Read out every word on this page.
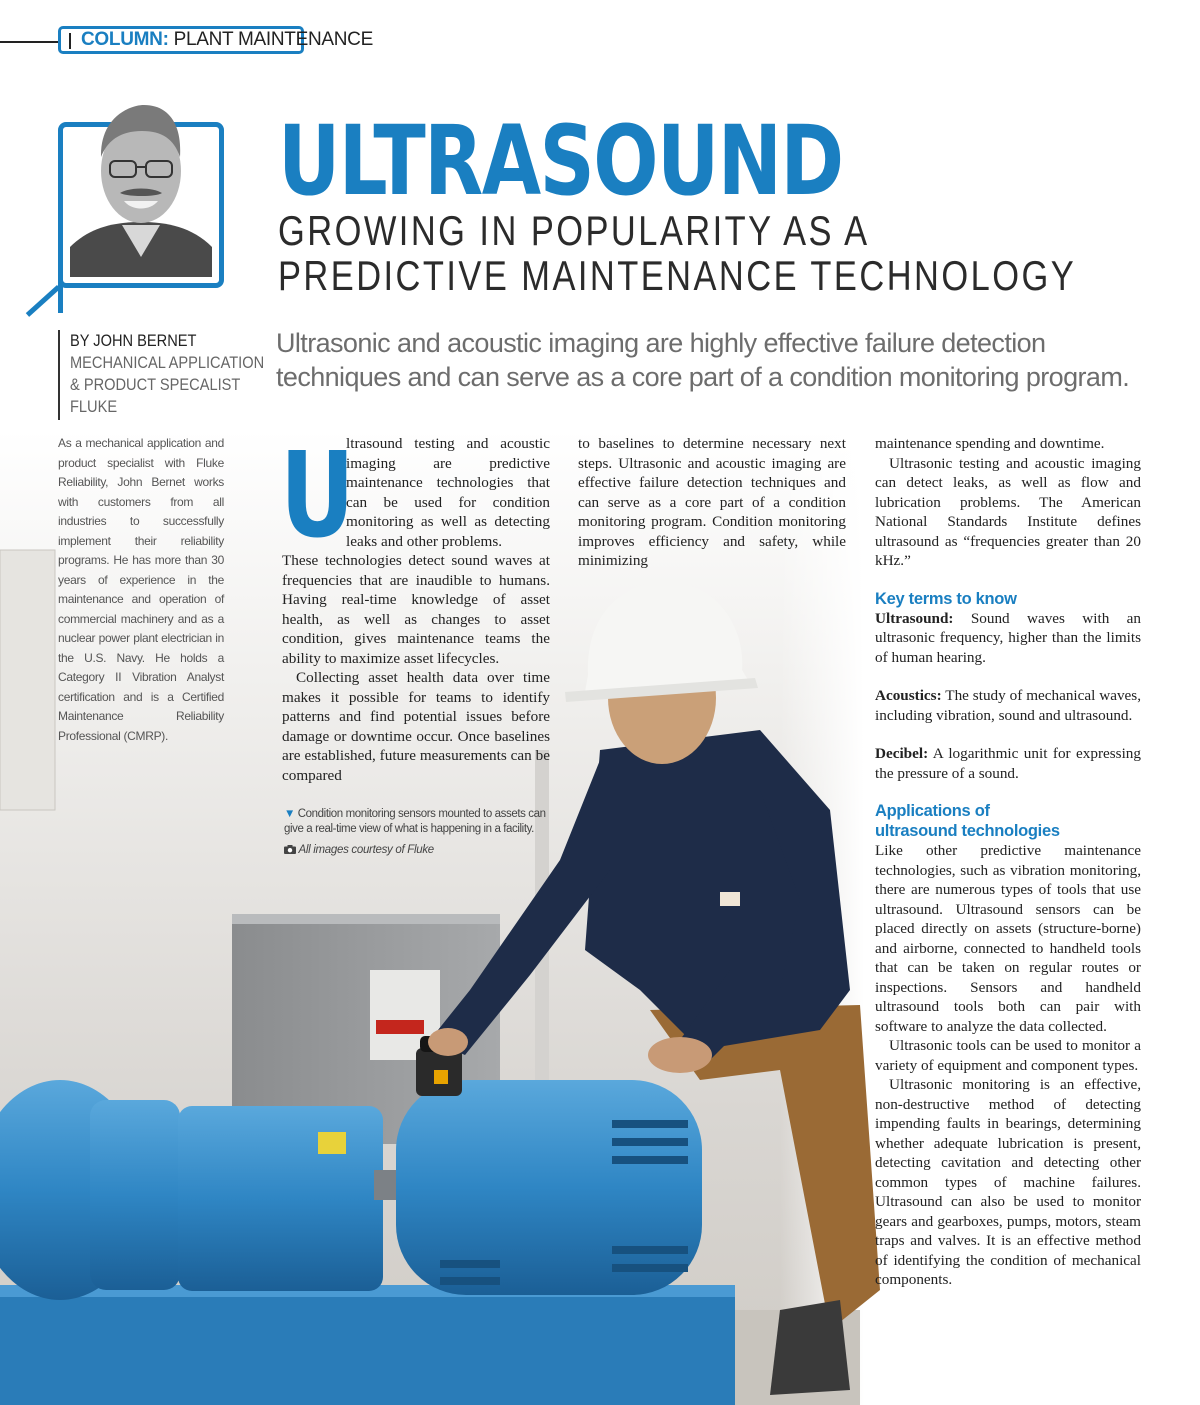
COLUMN: PLANT MAINTENANCE
ULTRASOUND
GROWING IN POPULARITY AS A
PREDICTIVE MAINTENANCE TECHNOLOGY
BY JOHN BERNET
MECHANICAL APPLICATION
& PRODUCT SPECALIST
FLUKE
As a mechanical application and product specialist with Fluke Reliability, John Bernet works with customers from all industries to successfully implement their reliability programs. He has more than 30 years of experience in the maintenance and operation of commercial machinery and as a nuclear power plant electrician in the U.S. Navy. He holds a Category II Vibration Analyst certification and is a Certified Maintenance Reliability Professional (CMRP).
Ultrasonic and acoustic imaging are highly effective failure detection techniques and can serve as a core part of a condition monitoring program.
U
ltrasound testing and acoustic imaging are predictive maintenance technologies that can be used for condition monitoring as well as detecting leaks and other problems.

These technologies detect sound waves at frequencies that are inaudible to humans. Having real-time knowledge of asset health, as well as changes to asset condition, gives maintenance teams the ability to maximize asset lifecycles.

Collecting asset health data over time makes it possible for teams to identify patterns and find potential issues before damage or downtime occur. Once baselines are established, future measurements can be compared

▼ Condition monitoring sensors mounted to assets can give a real-time view of what is happening in a facility.
All images courtesy of Fluke

to baselines to determine necessary next steps. Ultrasonic and acoustic imaging are effective failure detection techniques and can serve as a core part of a condition monitoring program. Condition monitoring improves efficiency and safety, while minimizing

maintenance spending and downtime.

Ultrasonic testing and acoustic imaging can detect leaks, as well as flow and lubrication problems. The American National Standards Institute defines ultrasound as “frequencies greater than 20 kHz.”

Key terms to know

Ultrasound: Sound waves with an ultrasonic frequency, higher than the limits of human hearing.

Acoustics: The study of mechanical waves, including vibration, sound and ultrasound.

Decibel: A logarithmic unit for expressing the pressure of a sound.

Applications of
ultrasound technologies

Like other predictive maintenance technologies, such as vibration monitoring, there are numerous types of tools that use ultrasound. Ultrasound sensors can be placed directly on assets (structure-borne) and airborne, connected to handheld tools that can be taken on regular routes or inspections. Sensors and handheld ultrasound tools both can pair with software to analyze the data collected.

Ultrasonic tools can be used to monitor a variety of equipment and component types.

Ultrasonic monitoring is an effective, non-destructive method of detecting impending faults in bearings, determining whether adequate lubrication is present, detecting cavitation and detecting other common types of machine failures. Ultrasound can also be used to monitor gears and gearboxes, pumps, motors, steam traps and valves. It is an effective method of identifying the condition of mechanical components.
